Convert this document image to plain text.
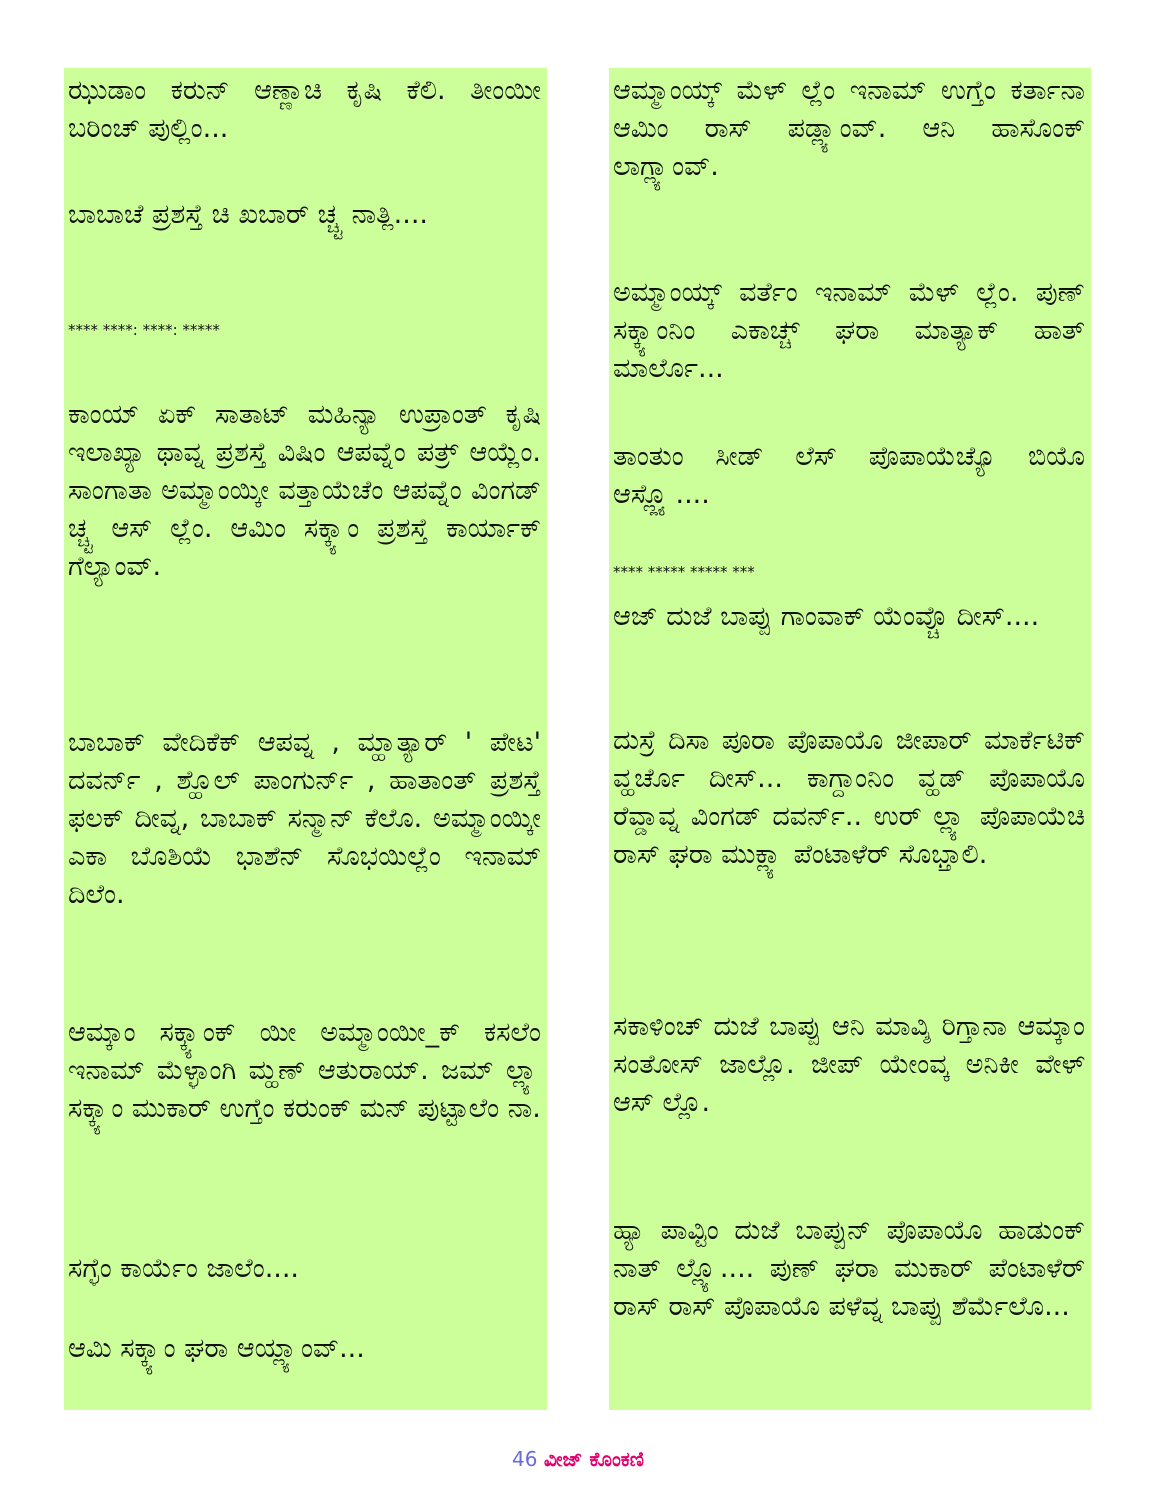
ಝುಡಾಂ ಕರುನ್ ಆಣ್ಣಾಚಿ ಕೃಷಿ ಕೆಲಿ. ತೀಂಯೀ ಬರಿಂಚ್ ಪುಲ್ಲಿಂ...

ಬಾಬಾಚೆ ಪ್ರಶಸ್ತೆ ಚಿ ಖಬಾರ್ ಚ್ಚ್ಟ ನಾತ್ಲಿ....

**** ****: ****: *****

ಕಾಂಯ್ ಏಕ್ ಸಾತಾಟ್ ಮಹಿನ್ಯಾ ಉಪ್ರಾಂತ್ ಕೃಷಿ ಇಲಾಖ್ಯಾ ಥಾವ್ನ ಪ್ರಶಸ್ತೆ ವಿಷಿಂ ಆಪವ್ನೆಂ ಪತ್ರ್ ಆಯ್ಲೆಂ. ಸಾಂಗಾತಾ ಅಮ್ಮಾಂಯ್ಕೀ ವತ್ತಾಯೆಚೆಂ ಆಪವ್ನೆಂ ವಿಂಗಡ್ ಚ್ಚ್ಟ ಆಸ್ ಲ್ಲೆಂ. ಆಮಿಂ ಸಕ್ಕ್ಯಾಂ ಪ್ರಶಸ್ತೆ ಕಾರ್ಯಾಕ್ ಗೆಲ್ಯಾಂವ್.

ಬಾಬಾಕ್ ವೇದಿಕೆಕ್ ಆಪವ್ನ , ಮ್ಹಾತ್ಯಾರ್ ' ಪೇಟ' ದವರ್ನ್ , ಶ್ಹೊಲ್ ಪಾಂಗುರ್ನ್ , ಹಾತಾಂತ್ ಪ್ರಶಸ್ತೆ ಫಲಕ್ ದೀವ್ನ, ಬಾಬಾಕ್ ಸನ್ಮಾನ್ ಕೆಲೊ. ಅಮ್ಮಾಂಯ್ಕೀ ಎಕಾ ಬೊಶಿಯೆ ಭಾಶೆನ್ ಸೊಭಯಿಲ್ಲೆಂ ಇನಾಮ್ ದಿಲೆಂ.

ಆಮ್ಕಾಂ ಸಕ್ಕ್ಯಾಂಕ್ ಯೀ ಅಮ್ಮಾಂಯೀ_ಕ್ ಕಸಲೆಂ ಇನಾಮ್ ಮೆಳ್ಳಾಂಗಿ ಮ್ಹಣ್ ಆತುರಾಯ್. ಜಮ್ ಲ್ಲ್ಯಾ ಸಕ್ಕ್ಯಾಂ ಮುಕಾರ್ ಉಗ್ತೆಂ ಕರುಂಕ್ ಮನ್ ಪುಟ್ಟಾಲೆಂ ನಾ.

ಸಗ್ಳೆಂ ಕಾರ್ಯೆಂ ಜಾಲೆಂ....

ಆಮಿ ಸಕ್ಕ್ಯಾಂ ಘರಾ ಆಯ್ಲ್ಯಾಂವ್...

ಆಮ್ಮಾಂಯ್ಕ್ ಮೆಳ್ ಲ್ಲೆಂ ಇನಾಮ್ ಉಗ್ತೆಂ ಕರ್ತಾನಾ ಆಮಿಂ ರಾಸ್ ಪಡ್ಲ್ಯಾಂವ್. ಆನಿ ಹಾಸೊಂಕ್ ಲಾಗ್ಲ್ಯಾಂವ್.

ಅಮ್ಮಾಂಯ್ಕ್ ವರ್ತೆಂ ಇನಾಮ್ ಮೆಳ್ ಲ್ಲೆಂ. ಪುಣ್ ಸಕ್ಕ್ಯಾಂನಿಂ ಎಕಾಚ್ಚ್ ಘರಾ ಮಾತ್ಯಾಕ್ ಹಾತ್ ಮಾರ್ಲೊ...

ತಾಂತುಂ ಸೀಡ್ ಲೆಸ್ ಪೊಪಾಯೆಚ್ಯೊ ಬಿಯೊ ಆಸ್ಲ್ಲ್ಯೊ....

**** ***** ***** ***

ಆಜ್ ದುಜೆ ಬಾಪ್ಪು ಗಾಂವಾಕ್ ಯೆಂವ್ಚೊ ದೀಸ್....

ದುಸ್ರೆ ದಿಸಾ ಪೂರಾ ಪೊಪಾಯೊ ಜೀಪಾರ್ ಮಾರ್ಕೆಟಿಕ್ ವ್ಹರ್ಚೊ ದೀಸ್... ಕಾಗ್ದಾಂನಿಂ ವ್ಹಡ್ ಪೊಪಾಯೊ ರೆವ್ಡಾವ್ನ ವಿಂಗಡ್ ದವರ್ನ್.. ಉರ್ ಲ್ಲ್ಯಾ ಪೊಪಾಯೆಚಿ ರಾಸ್ ಘರಾ ಮುಕ್ಲ್ಯಾ ಪೆಂಟಾಳೆರ್ ಸೊಭ್ತಾಲಿ.

ಸಕಾಳಿಂಚ್ ದುಜೆ ಬಾಪ್ಪು ಆನಿ ಮಾವ್ಶಿ ರಿಗ್ತಾನಾ ಆಮ್ಕಾಂ ಸಂತೋಸ್ ಜಾಲ್ಲೊ. ಜೀಪ್ ಯೇಂವ್ಕ ಅನಿಕೀ ವೇಳ್ ಆಸ್ ಲ್ಲೊ.

ಹ್ಯಾ ಪಾವ್ಟಿಂ ದುಜೆ ಬಾಪ್ಪುನ್ ಪೊಪಾಯೊ ಹಾಡುಂಕ್ ನಾತ್ ಲ್ಲ್ಯೊ.... ಪುಣ್ ಘರಾ ಮುಕಾರ್ ಪೆಂಟಾಳೆರ್ ರಾಸ್ ರಾಸ್ ಪೊಪಾಯೊ ಪಳೆವ್ನ ಬಾಪ್ಪು ಶೆರ್ಮೆಲೊ...

46 ವೀಜ್ ಕೊಂಕಣಿ
